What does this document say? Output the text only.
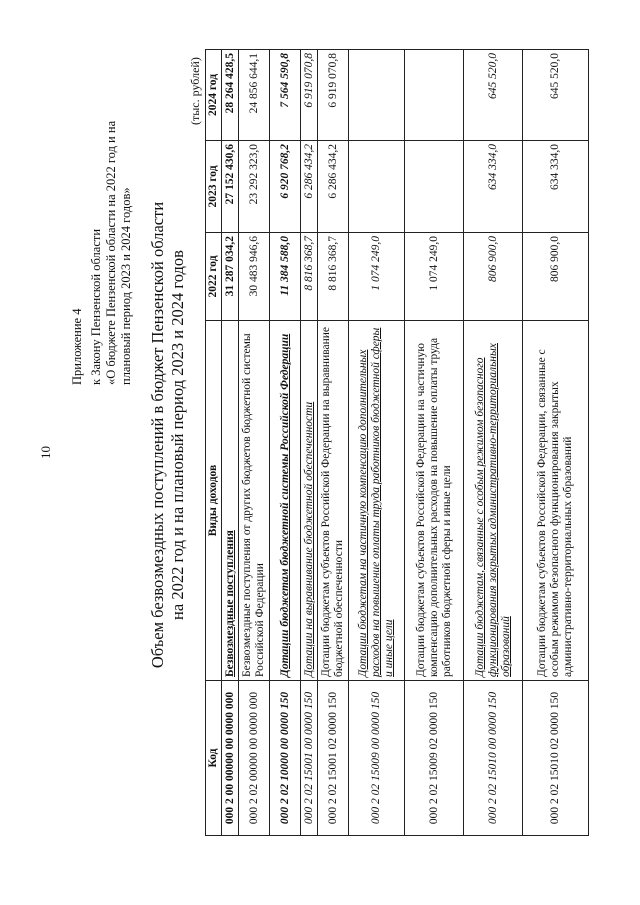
10
Приложение 4 к Закону Пензенской области «О бюджете Пензенской области на 2022 год и на плановый период 2023 и 2024 годов» Объем безвозмездных поступлений в бюджет Пензенской области на 2022 год и на плановый период 2023 и 2024 годов
(тыс. рублей)
Код	Виды доходов	2022 год	2023 год	2024 год
000 2 00 00000 00 0000 000	Безвозмездные поступления	31 287 034,2	27 152 430,6	28 264 428,5
000 2 02 00000 00 0000 000	Безвозмездные поступления от других бюджетов бюджетной системы Российской Федерации	30 483 946,6	23 292 323,0	24 856 644,1
000 2 02 10000 00 0000 150	Дотации бюджетам бюджетной системы Российской Федерации	11 384 588,0	6 920 768,2	7 564 590,8
000 2 02 15001 00 0000 150	Дотации на выравнивание бюджетной обеспеченности	8 816 368,7	6 286 434,2	6 919 070,8
000 2 02 15001 02 0000 150	Дотации бюджетам субъектов Российской Федерации на выравнивание бюджетной обеспеченности	8 816 368,7	6 286 434,2	6 919 070,8
000 2 02 15009 00 0000 150	Дотации бюджетам на частичную компенсацию дополнительных расходов на повышение оплаты труда работников бюджетной сферы и иные цели	1 074 249,0		
000 2 02 15009 02 0000 150	Дотации бюджетам субъектов Российской Федерации на частичную компенсацию дополнительных расходов на повышение оплаты труда работников бюджетной сферы и иные цели	1 074 249,0		
000 2 02 15010 00 0000 150	Дотации бюджетам, связанные с особым режимом безопасного функционирования закрытых административно-территориальных образований	806 900,0	634 334,0	645 520,0
000 2 02 15010 02 0000 150	Дотации бюджетам субъектов Российской Федерации, связанные с особым режимом безопасного функционирования закрытых административно-территориальных образований	806 900,0	634 334,0	645 520,0
